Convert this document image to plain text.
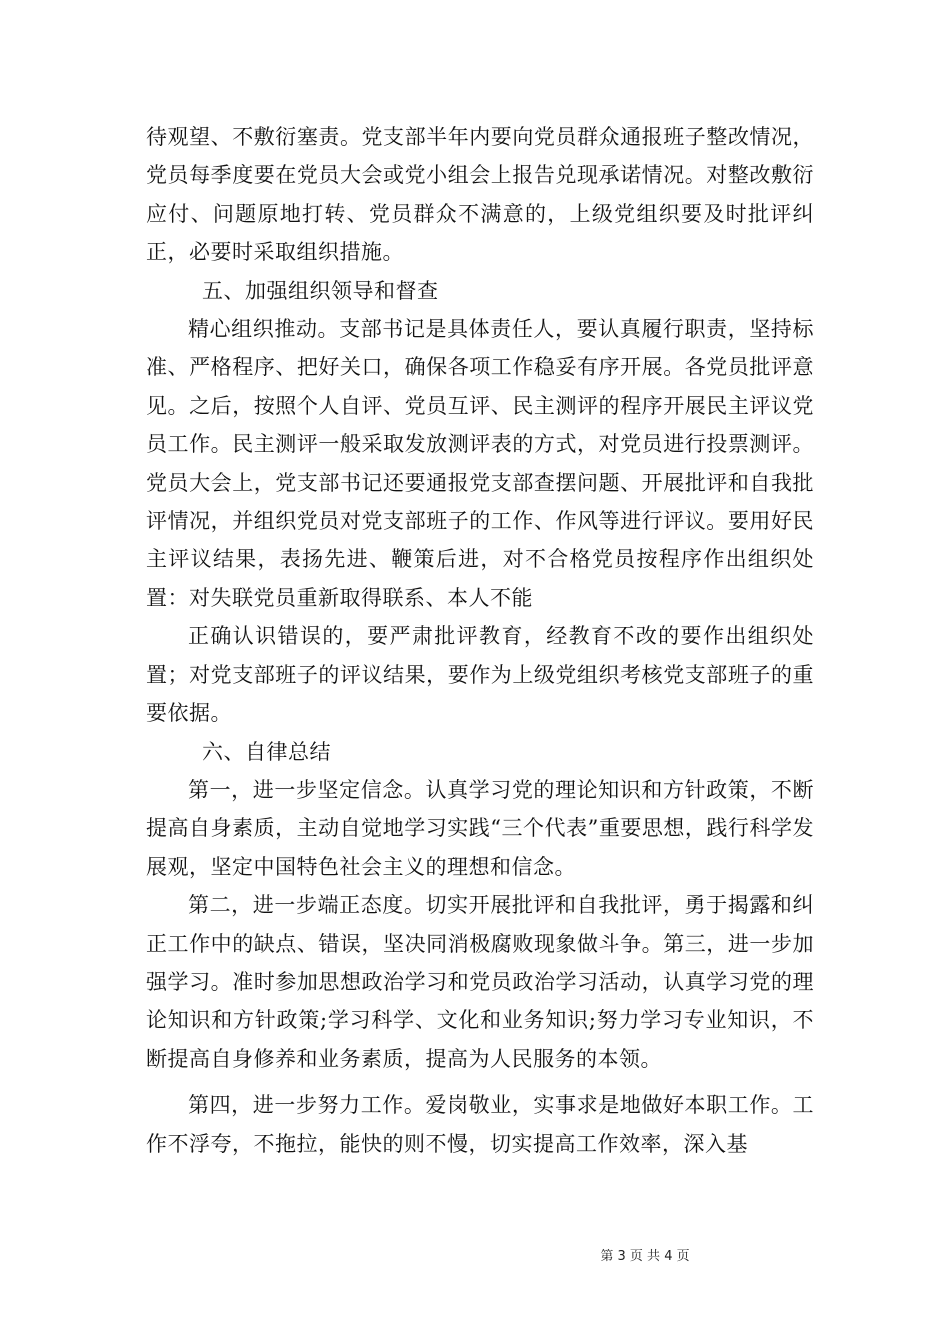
待观望、不敷衍塞责。党支部半年内要向党员群众通报班子整改情况，党员每季度要在党员大会或党小组会上报告兑现承诺情况。对整改敷衍应付、问题原地打转、党员群众不满意的，上级党组织要及时批评纠正，必要时采取组织措施。

五、加强组织领导和督查

精心组织推动。支部书记是具体责任人，要认真履行职责，坚持标准、严格程序、把好关口，确保各项工作稳妥有序开展。各党员批评意见。之后，按照个人自评、党员互评、民主测评的程序开展民主评议党员工作。民主测评一般采取发放测评表的方式，对党员进行投票测评。党员大会上，党支部书记还要通报党支部查摆问题、开展批评和自我批评情况，并组织党员对党支部班子的工作、作风等进行评议。要用好民主评议结果，表扬先进、鞭策后进，对不合格党员按程序作出组织处置：对失联党员重新取得联系、本人不能

正确认识错误的，要严肃批评教育，经教育不改的要作出组织处置；对党支部班子的评议结果，要作为上级党组织考核党支部班子的重要依据。

六、自律总结

第一，进一步坚定信念。认真学习党的理论知识和方针政策，不断提高自身素质，主动自觉地学习实践“三个代表”重要思想，践行科学发展观，坚定中国特色社会主义的理想和信念。

第二，进一步端正态度。切实开展批评和自我批评，勇于揭露和纠正工作中的缺点、错误，坚决同消极腐败现象做斗争。第三，进一步加强学习。准时参加思想政治学习和党员政治学习活动，认真学习党的理论知识和方针政策;学习科学、文化和业务知识;努力学习专业知识，不断提高自身修养和业务素质，提高为人民服务的本领。

第四，进一步努力工作。爱岗敬业，实事求是地做好本职工作。工作不浮夸，不拖拉，能快的则不慢，切实提高工作效率，深入基

第 3 页 共 4 页
